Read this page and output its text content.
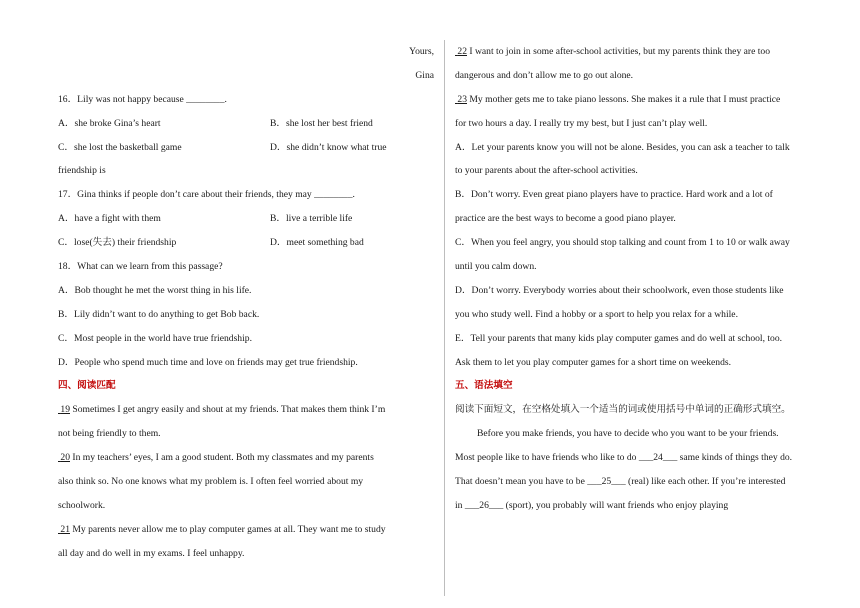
Yours,
Gina
16．Lily was not happy because ________.
A．she broke Gina’s heart	B．she lost her best friend
C．she lost the basketball game	D．she didn’t know what true
friendship is
17．Gina thinks if people don’t care about their friends, they may ________.
A．have a fight with them	B．live a terrible life
C．lose(失去) their friendship	D．meet something bad
18．What can we learn from this passage?
A．Bob thought he met the worst thing in his life.
B．Lily didn’t want to do anything to get Bob back.
C．Most people in the world have true friendship.
D．People who spend much time and love on friends may get true friendship.
四、阅读匹配
19 Sometimes I get angry easily and shout at my friends. That makes them think I’m
not being friendly to them.
20 In my teachers’ eyes, I am a good student. Both my classmates and my parents
also think so. No one knows what my problem is. I often feel worried about my
schoolwork.
21 My parents never allow me to play computer games at all. They want me to study
all day and do well in my exams. I feel unhappy.
22 I want to join in some after-school activities, but my parents think they are too
dangerous and don’t allow me to go out alone.
23 My mother gets me to take piano lessons. She makes it a rule that I must practice
for two hours a day. I really try my best, but I just can’t play well.
A．Let your parents know you will not be alone. Besides, you can ask a teacher to talk
to your parents about the after-school activities.
B．Don’t worry. Even great piano players have to practice. Hard work and a lot of
practice are the best ways to become a good piano player.
C．When you feel angry, you should stop talking and count from 1 to 10 or walk away
until you calm down.
D．Don’t worry. Everybody worries about their schoolwork, even those students like
you who study well. Find a hobby or a sport to help you relax for a while.
E．Tell your parents that many kids play computer games and do well at school, too.
Ask them to let you play computer games for a short time on weekends.
五、语法填空
阅读下面短文，在空格处填入一个适当的词或使用括号中单词的正确形式填空。
Before you make friends, you have to decide who you want to be your friends.
Most people like to have friends who like to do ___24___ same kinds of things they do.
That doesn’t mean you have to be ___25___ (real) like each other. If you’re interested
in ___26___ (sport), you probably will want friends who enjoy playing
